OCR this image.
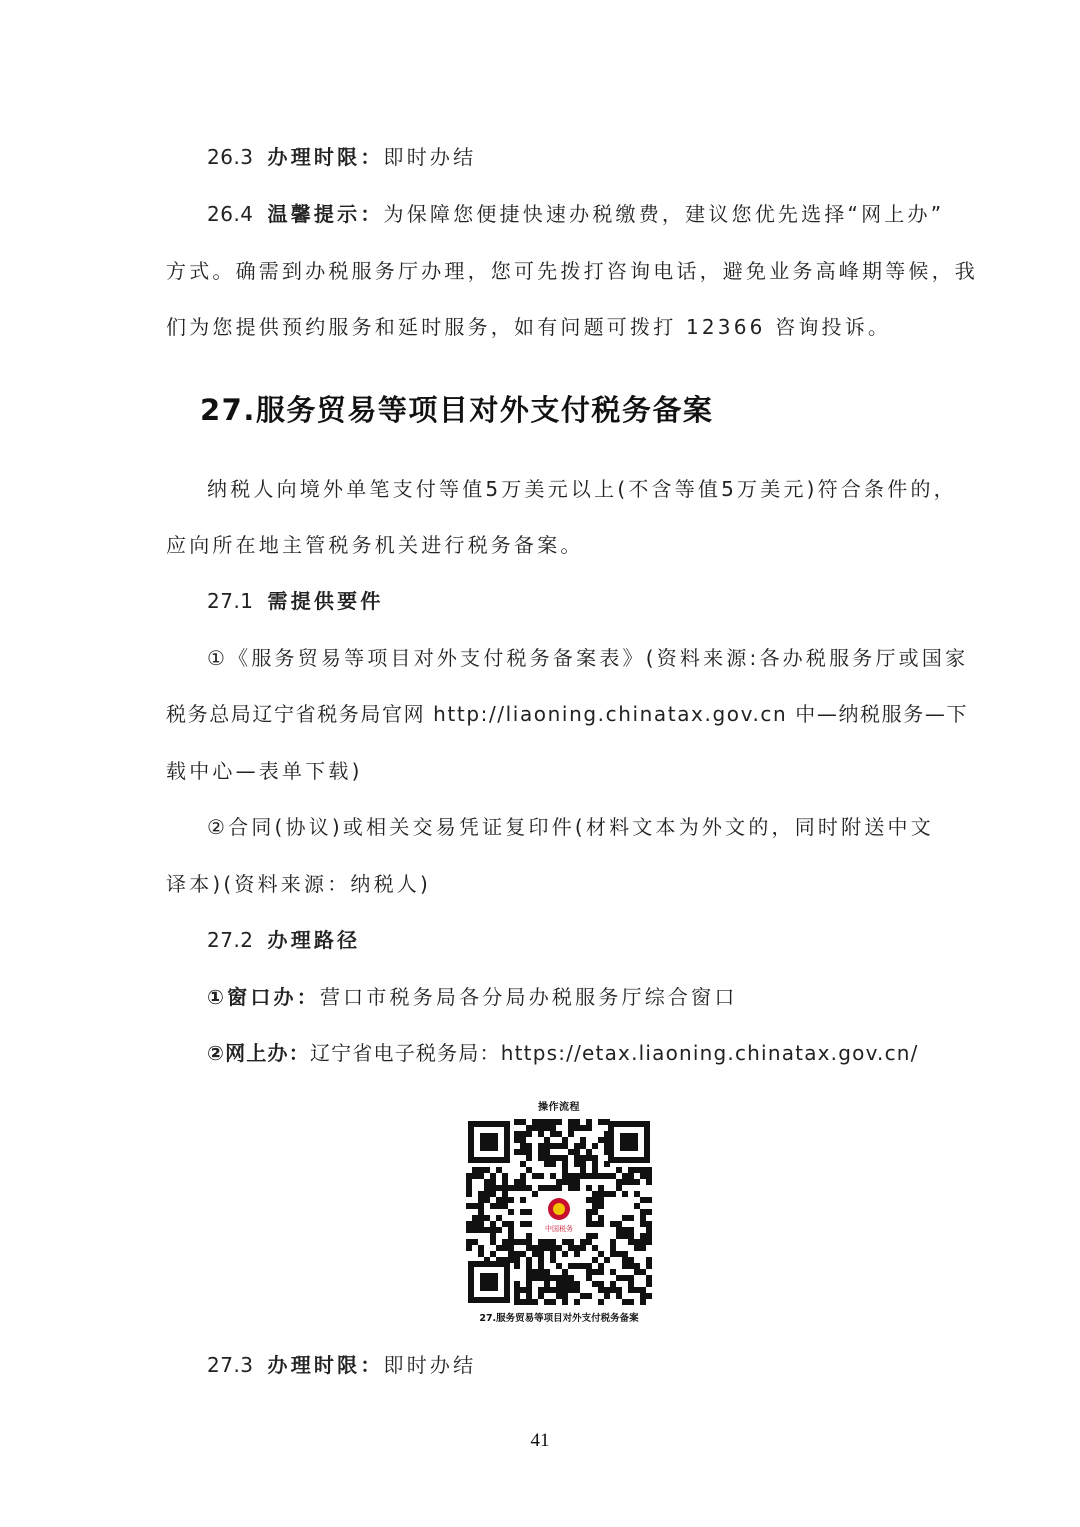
26.3 办理时限：即时办结
26.4 温馨提示：为保障您便捷快速办税缴费，建议您优先选择“网上办”
方式。确需到办税服务厅办理，您可先拨打咨询电话，避免业务高峰期等候，我
们为您提供预约服务和延时服务，如有问题可拨打 12366 咨询投诉。
27.服务贸易等项目对外支付税务备案
纳税人向境外单笔支付等值5万美元以上(不含等值5万美元)符合条件的，
应向所在地主管税务机关进行税务备案。
27.1 需提供要件
①《服务贸易等项目对外支付税务备案表》(资料来源:各办税服务厅或国家
税务总局辽宁省税务局官网 http://liaoning.chinatax.gov.cn 中—纳税服务—下
载中心—表单下载)
②合同(协议)或相关交易凭证复印件(材料文本为外文的，同时附送中文
译本)(资料来源：纳税人)
27.2 办理路径
①窗口办：营口市税务局各分局办税服务厅综合窗口
②网上办：辽宁省电子税务局：https://etax.liaoning.chinatax.gov.cn/
操作流程
中国税务
27.服务贸易等项目对外支付税务备案
27.3 办理时限：即时办结
41
